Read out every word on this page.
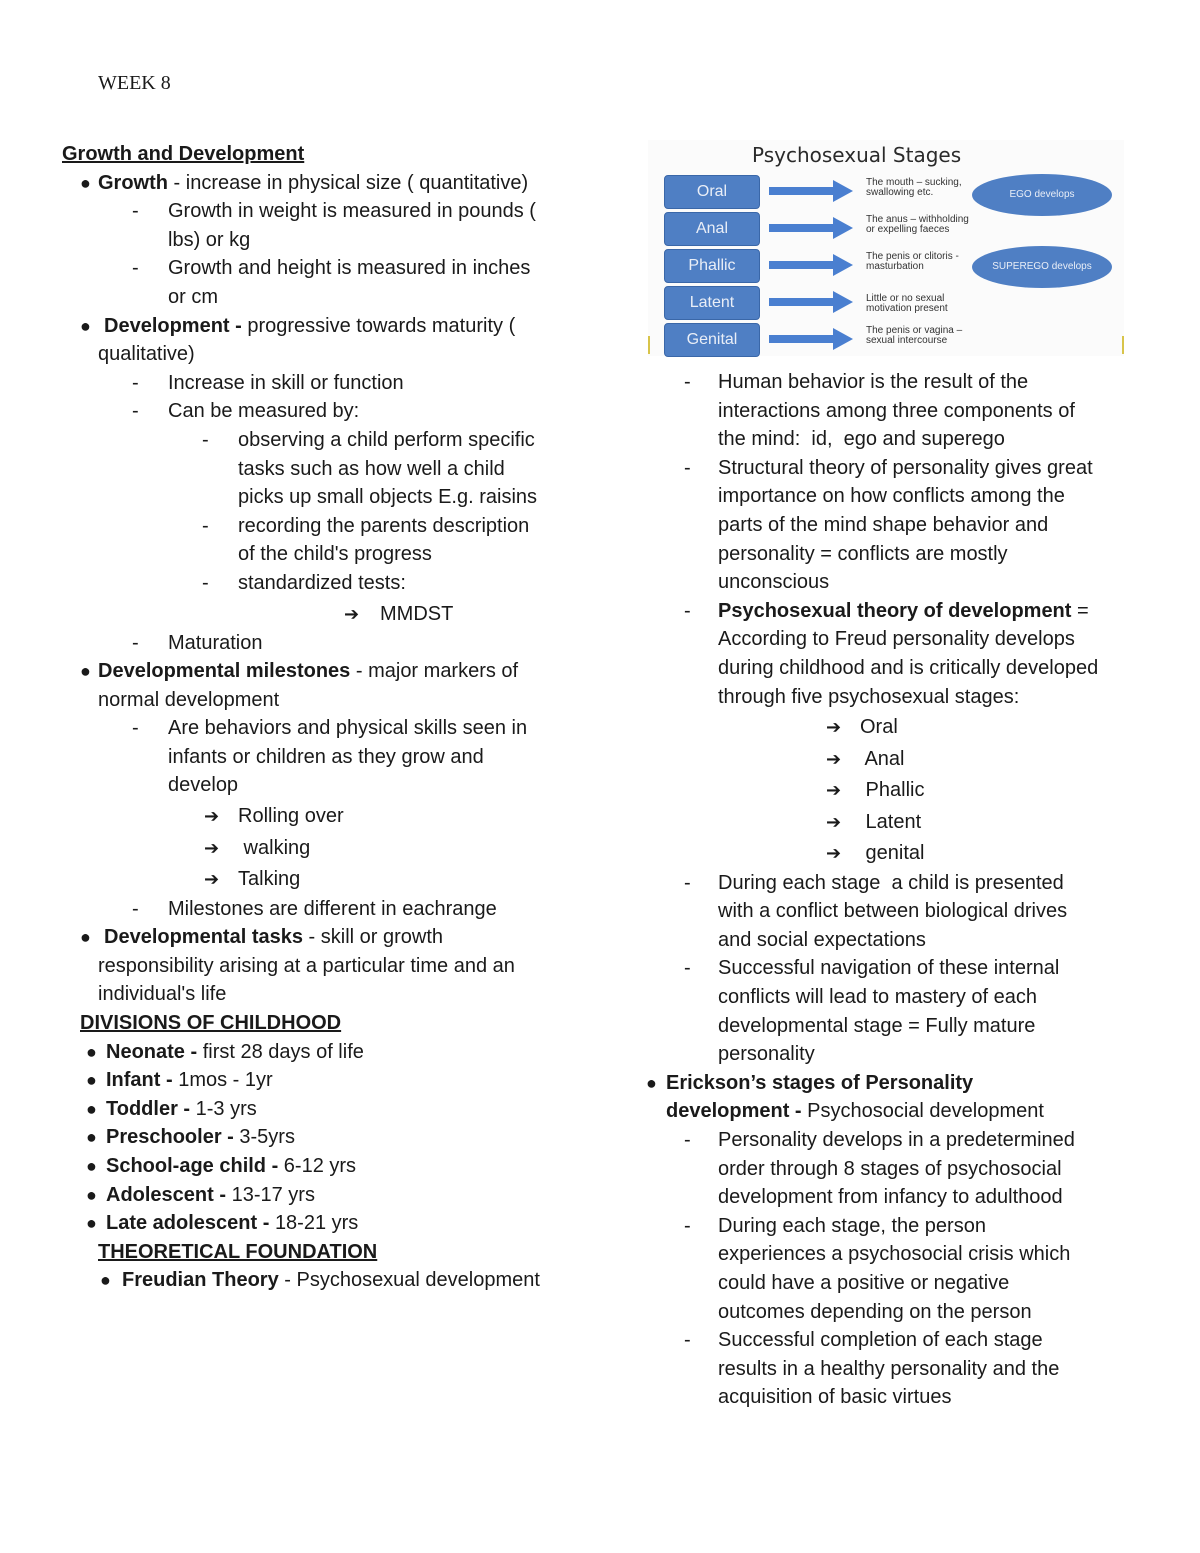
WEEK 8
Growth and Development
● Growth - increase in physical size ( quantitative)
- Growth in weight is measured in pounds (
lbs) or kg
- Growth and height is measured in inches
or cm
● Development - progressive towards maturity (
qualitative)
- Increase in skill or function
- Can be measured by:
- observing a child perform specific
tasks such as how well a child
picks up small objects E.g. raisins
- recording the parents description
of the child's progress
- standardized tests:
➔ MMDST
- Maturation
● Developmental milestones - major markers of
normal development
- Are behaviors and physical skills seen in
infants or children as they grow and
develop
➔ Rolling over
➔ walking
➔ Talking
- Milestones are different in eachrange
● Developmental tasks - skill or growth
responsibility arising at a particular time and an
individual's life
DIVISIONS OF CHILDHOOD
● Neonate - first 28 days of life
● Infant - 1mos - 1yr
● Toddler - 1-3 yrs
● Preschooler - 3-5yrs
● School-age child - 6-12 yrs
● Adolescent - 13-17 yrs
● Late adolescent - 18-21 yrs
THEORETICAL FOUNDATION
● Freudian Theory - Psychosexual development
Psychosexual Stages
Oral
Anal
Phallic
Latent
Genital
The mouth – sucking, swallowing etc.
The anus – withholding or expelling faeces
The penis or clitoris - masturbation
Little or no sexual motivation present
The penis or vagina – sexual intercourse
EGO develops
SUPEREGO develops
- Human behavior is the result of the
interactions among three components of
the mind:  id,  ego and superego
- Structural theory of personality gives great
importance on how conflicts among the
parts of the mind shape behavior and
personality = conflicts are mostly
unconscious
- Psychosexual theory of development =
According to Freud personality develops
during childhood and is critically developed
through five psychosexual stages:
➔ Oral
➔ Anal
➔ Phallic
➔ Latent
➔ genital
- During each stage  a child is presented
with a conflict between biological drives
and social expectations
- Successful navigation of these internal
conflicts will lead to mastery of each
developmental stage = Fully mature
personality
● Erickson’s stages of Personality
development - Psychosocial development
- Personality develops in a predetermined
order through 8 stages of psychosocial
development from infancy to adulthood
- During each stage, the person
experiences a psychosocial crisis which
could have a positive or negative
outcomes depending on the person
- Successful completion of each stage
results in a healthy personality and the
acquisition of basic virtues
